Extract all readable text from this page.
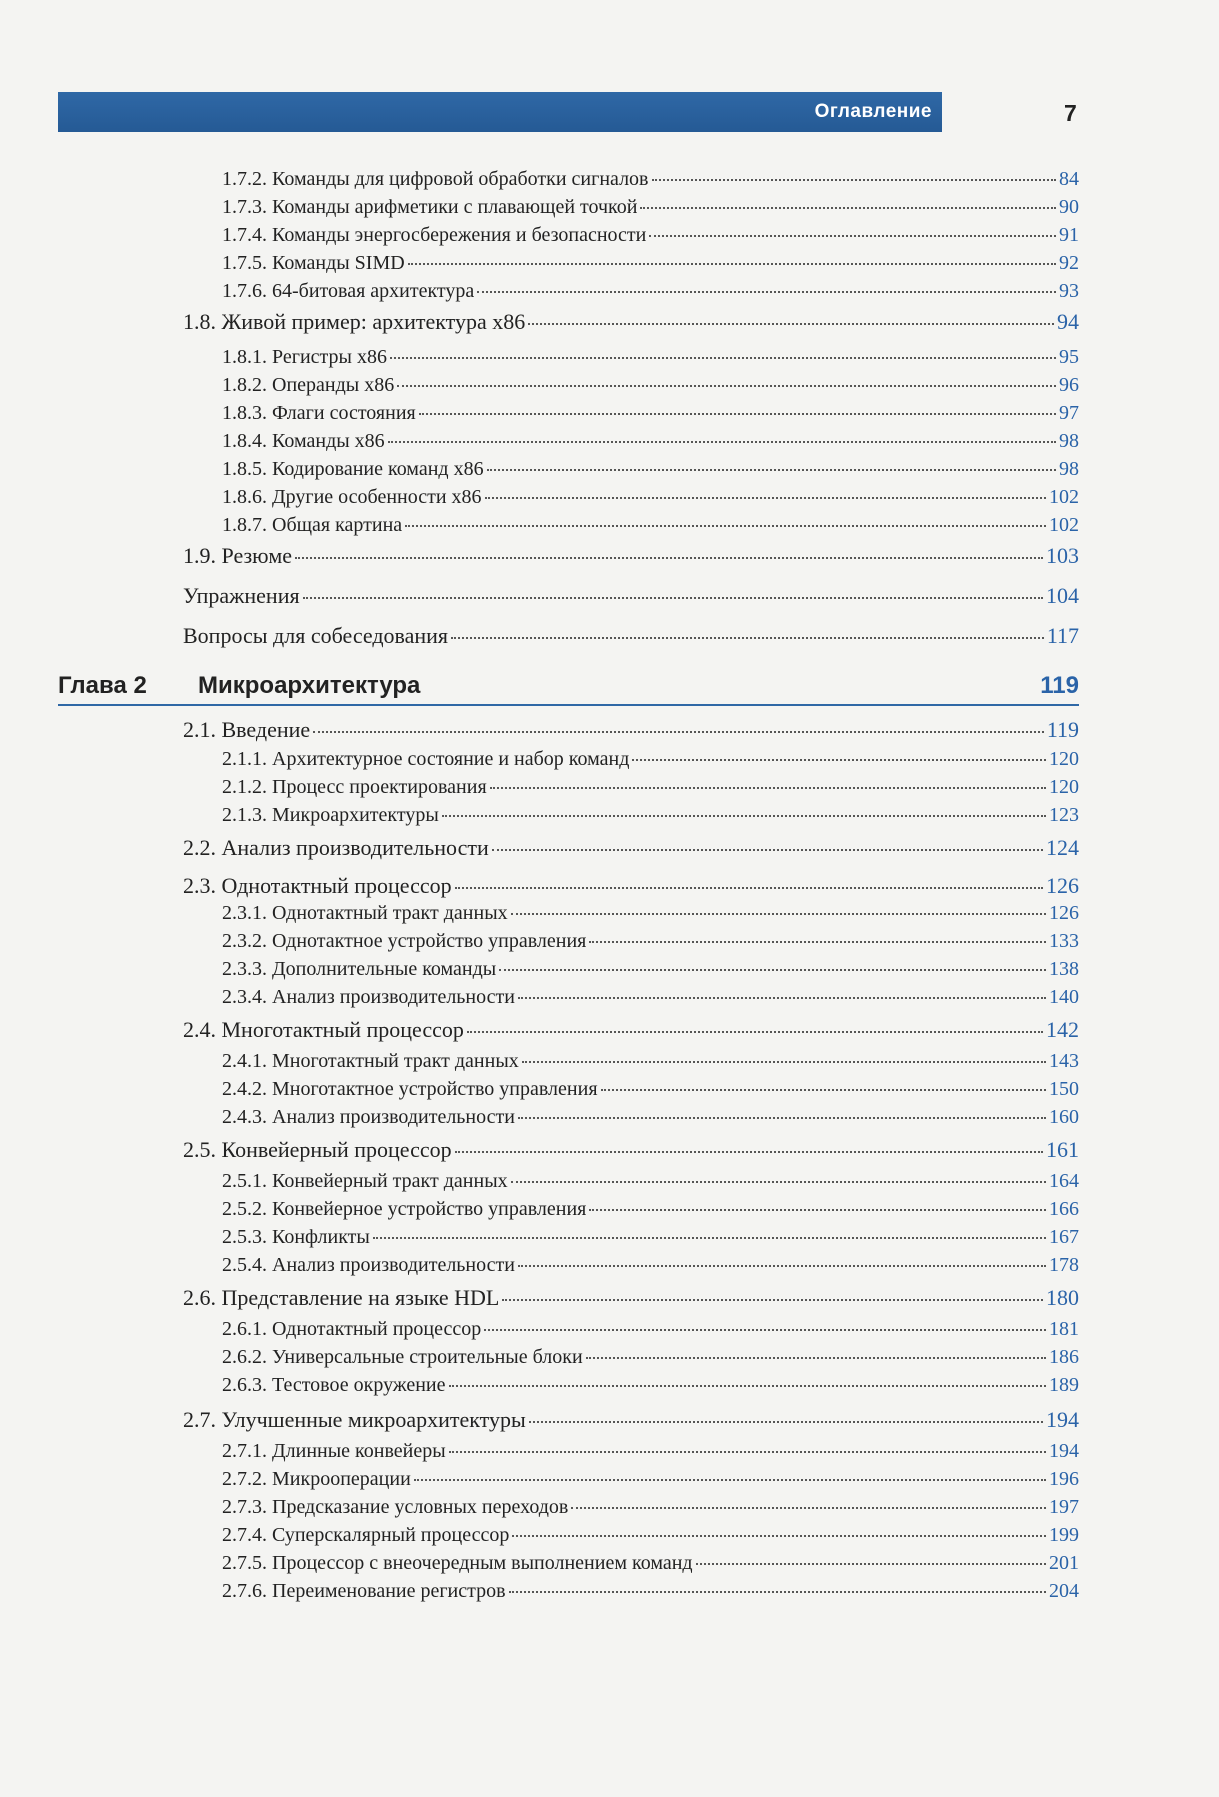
Оглавление	7
Глава 2 Микроархитектура	119
1.7.2. Команды для цифровой обработки сигналов	84
1.7.3. Команды арифметики с плавающей точкой	90
1.7.4. Команды энергосбережения и безопасности	91
1.7.5. Команды SIMD	92
1.7.6. 64-битовая архитектура	93
1.8. Живой пример: архитектура x86	94
1.8.1. Регистры x86	95
1.8.2. Операнды x86	96
1.8.3. Флаги состояния	97
1.8.4. Команды x86	98
1.8.5. Кодирование команд x86	98
1.8.6. Другие особенности x86	102
1.8.7. Общая картина	102
1.9. Резюме	103
Упражнения	104
Вопросы для собеседования	117
2.1. Введение	119
2.1.1. Архитектурное состояние и набор команд	120
2.1.2. Процесс проектирования	120
2.1.3. Микроархитектуры	123
2.2. Анализ производительности	124
2.3. Однотактный процессор	126
2.3.1. Однотактный тракт данных	126
2.3.2. Однотактное устройство управления	133
2.3.3. Дополнительные команды	138
2.3.4. Анализ производительности	140
2.4. Многотактный процессор	142
2.4.1. Многотактный тракт данных	143
2.4.2. Многотактное устройство управления	150
2.4.3. Анализ производительности	160
2.5. Конвейерный процессор	161
2.5.1. Конвейерный тракт данных	164
2.5.2. Конвейерное устройство управления	166
2.5.3. Конфликты	167
2.5.4. Анализ производительности	178
2.6. Представление на языке HDL	180
2.6.1. Однотактный процессор	181
2.6.2. Универсальные строительные блоки	186
2.6.3. Тестовое окружение	189
2.7. Улучшенные микроархитектуры	194
2.7.1. Длинные конвейеры	194
2.7.2. Микрооперации	196
2.7.3. Предсказание условных переходов	197
2.7.4. Суперскалярный процессор	199
2.7.5. Процессор с внеочередным выполнением команд	201
2.7.6. Переименование регистров	204
